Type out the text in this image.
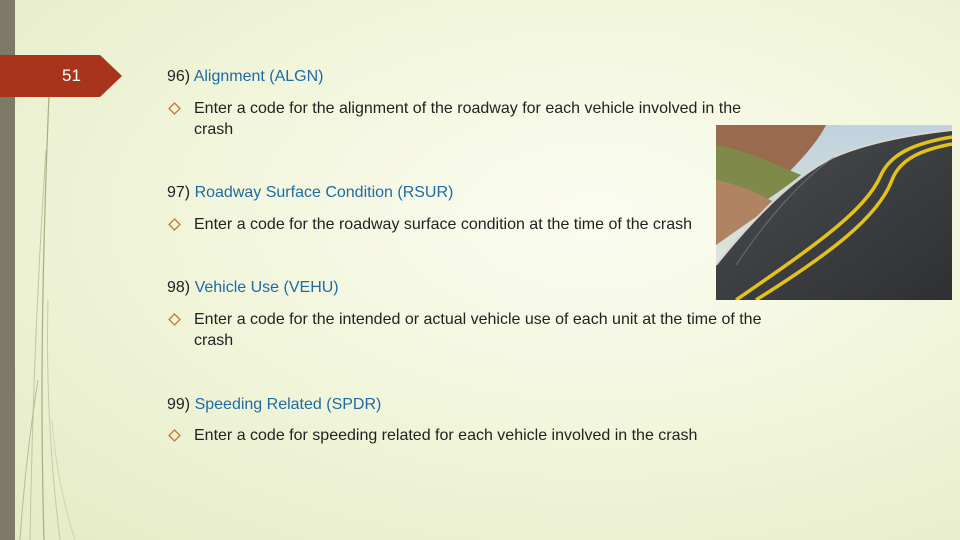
51	96) Alignment (ALGN)
Enter a code for the alignment of the roadway for each vehicle involved in the crash
97) Roadway Surface Condition (RSUR)
Enter a code for the roadway surface condition at the time of the crash
98) Vehicle Use (VEHU)
Enter a code for the intended or actual vehicle use of each unit at the time of the crash
99) Speeding Related (SPDR)
Enter a code for speeding related for each vehicle involved in the crash
